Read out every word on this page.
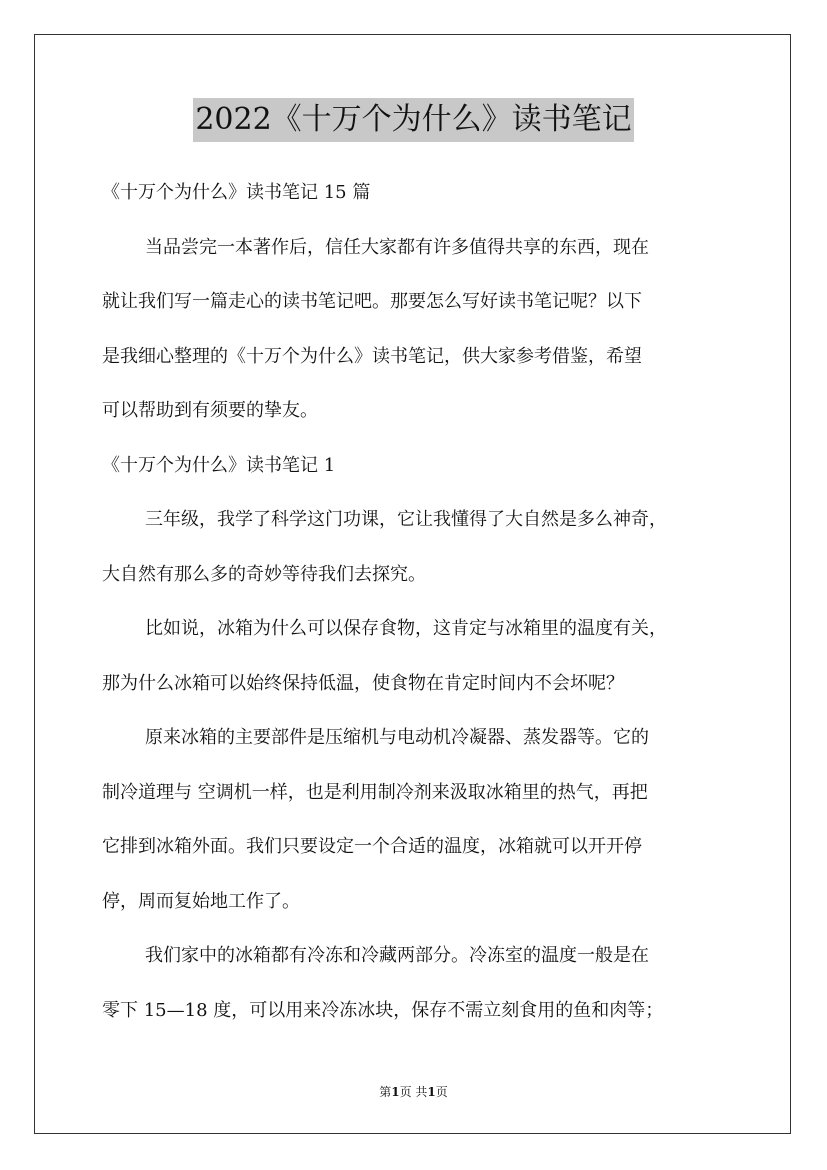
2022《十万个为什么》读书笔记
《十万个为什么》读书笔记 15 篇
当品尝完一本著作后，信任大家都有许多值得共享的东西，现在
就让我们写一篇走心的读书笔记吧。那要怎么写好读书笔记呢？以下
是我细心整理的《十万个为什么》读书笔记，供大家参考借鉴，希望
可以帮助到有须要的挚友。
《十万个为什么》读书笔记 1
三年级，我学了科学这门功课，它让我懂得了大自然是多么神奇，
大自然有那么多的奇妙等待我们去探究。
比如说，冰箱为什么可以保存食物，这肯定与冰箱里的温度有关，
那为什么冰箱可以始终保持低温，使食物在肯定时间内不会坏呢？
原来冰箱的主要部件是压缩机与电动机冷凝器、蒸发器等。它的
制冷道理与 空调机一样，也是利用制冷剂来汲取冰箱里的热气，再把
它排到冰箱外面。我们只要设定一个合适的温度，冰箱就可以开开停
停，周而复始地工作了。
我们家中的冰箱都有冷冻和冷藏两部分。冷冻室的温度一般是在
零下 15—18 度，可以用来冷冻冰块，保存不需立刻食用的鱼和肉等；
第1页 共1页
